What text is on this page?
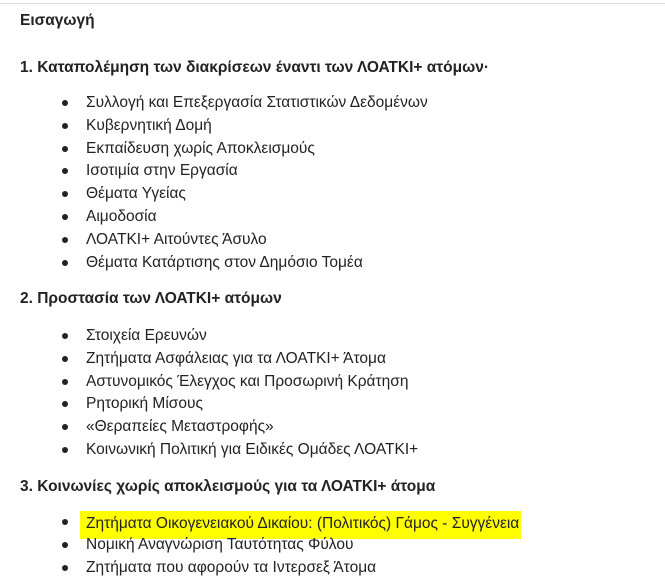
Εισαγωγή
1. Καταπολέμηση των διακρίσεων έναντι των ΛΟΑΤΚΙ+ ατόμων·
Συλλογή και Επεξεργασία Στατιστικών Δεδομένων
Κυβερνητική Δομή
Εκπαίδευση χωρίς Αποκλεισμούς
Ισοτιμία στην Εργασία
Θέματα Υγείας
Αιμοδοσία
ΛΟΑΤΚΙ+ Αιτούντες Άσυλο
Θέματα Κατάρτισης στον Δημόσιο Τομέα
2. Προστασία των ΛΟΑΤΚΙ+ ατόμων
Στοιχεία Ερευνών
Ζητήματα Ασφάλειας για τα ΛΟΑΤΚΙ+ Άτομα
Αστυνομικός Έλεγχος και Προσωρινή Κράτηση
Ρητορική Μίσους
«Θεραπείες Μεταστροφής»
Κοινωνική Πολιτική για Ειδικές Ομάδες ΛΟΑΤΚΙ+
3. Κοινωνίες χωρίς αποκλεισμούς για τα ΛΟΑΤΚΙ+ άτομα
Ζητήματα Οικογενειακού Δικαίου: (Πολιτικός) Γάμος - Συγγένεια
Νομική Αναγνώριση Ταυτότητας Φύλου
Ζητήματα που αφορούν τα Ιντερσεξ Άτομα
